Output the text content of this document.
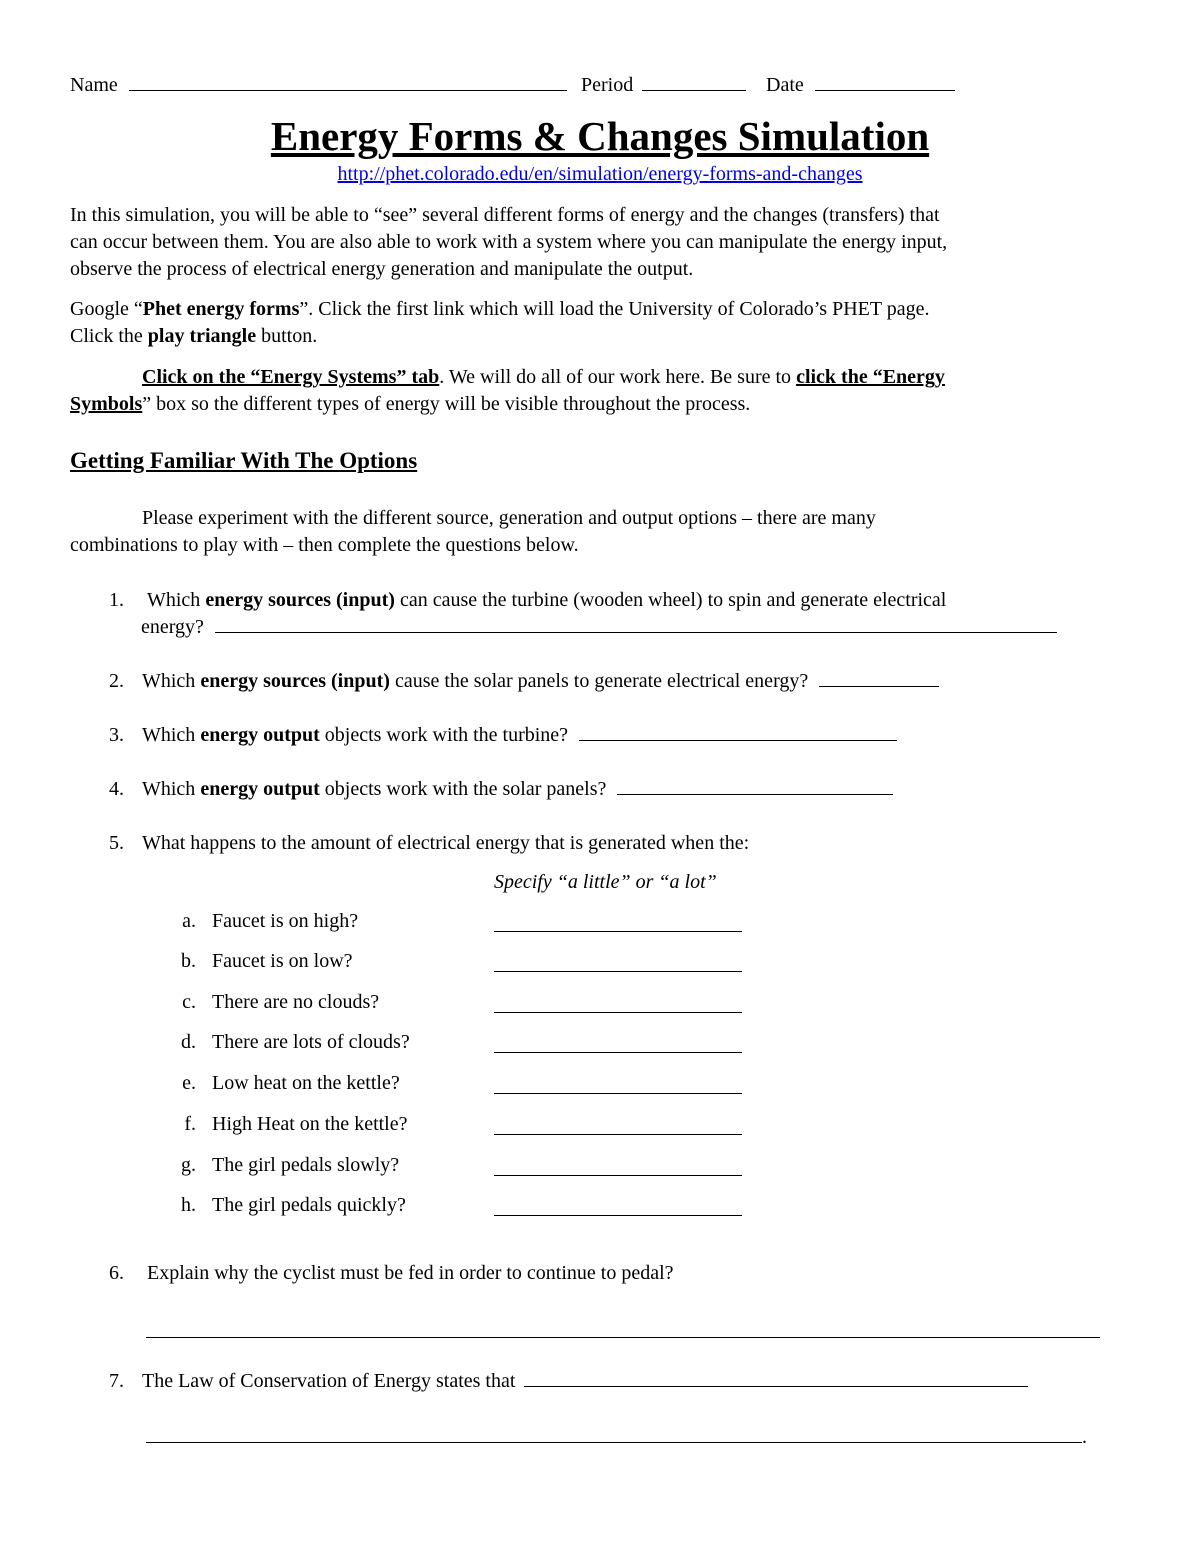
Name	Period	Date
Energy Forms & Changes Simulation
http://phet.colorado.edu/en/simulation/energy-forms-and-changes
In this simulation, you will be able to “see” several different forms of energy and the changes (transfers) that
can occur between them. You are also able to work with a system where you can manipulate the energy input,
observe the process of electrical energy generation and manipulate the output.
Google “Phet energy forms”. Click the first link which will load the University of Colorado’s PHET page.
Click the play triangle button.
Click on the “Energy Systems” tab. We will do all of our work here. Be sure to click the “Energy
Symbols” box so the different types of energy will be visible throughout the process.
Getting Familiar With The Options
Please experiment with the different source, generation and output options – there are many
combinations to play with – then complete the questions below.
1. Which energy sources (input) can cause the turbine (wooden wheel) to spin and generate electrical
energy?
2. Which energy sources (input) cause the solar panels to generate electrical energy?
3. Which energy output objects work with the turbine?
4. Which energy output objects work with the solar panels?
5. What happens to the amount of electrical energy that is generated when the:
Specify “a little” or “a lot”
a. Faucet is on high?
b. Faucet is on low?
c. There are no clouds?
d. There are lots of clouds?
e. Low heat on the kettle?
f. High Heat on the kettle?
g. The girl pedals slowly?
h. The girl pedals quickly?
6. Explain why the cyclist must be fed in order to continue to pedal?
7. The Law of Conservation of Energy states that
.
